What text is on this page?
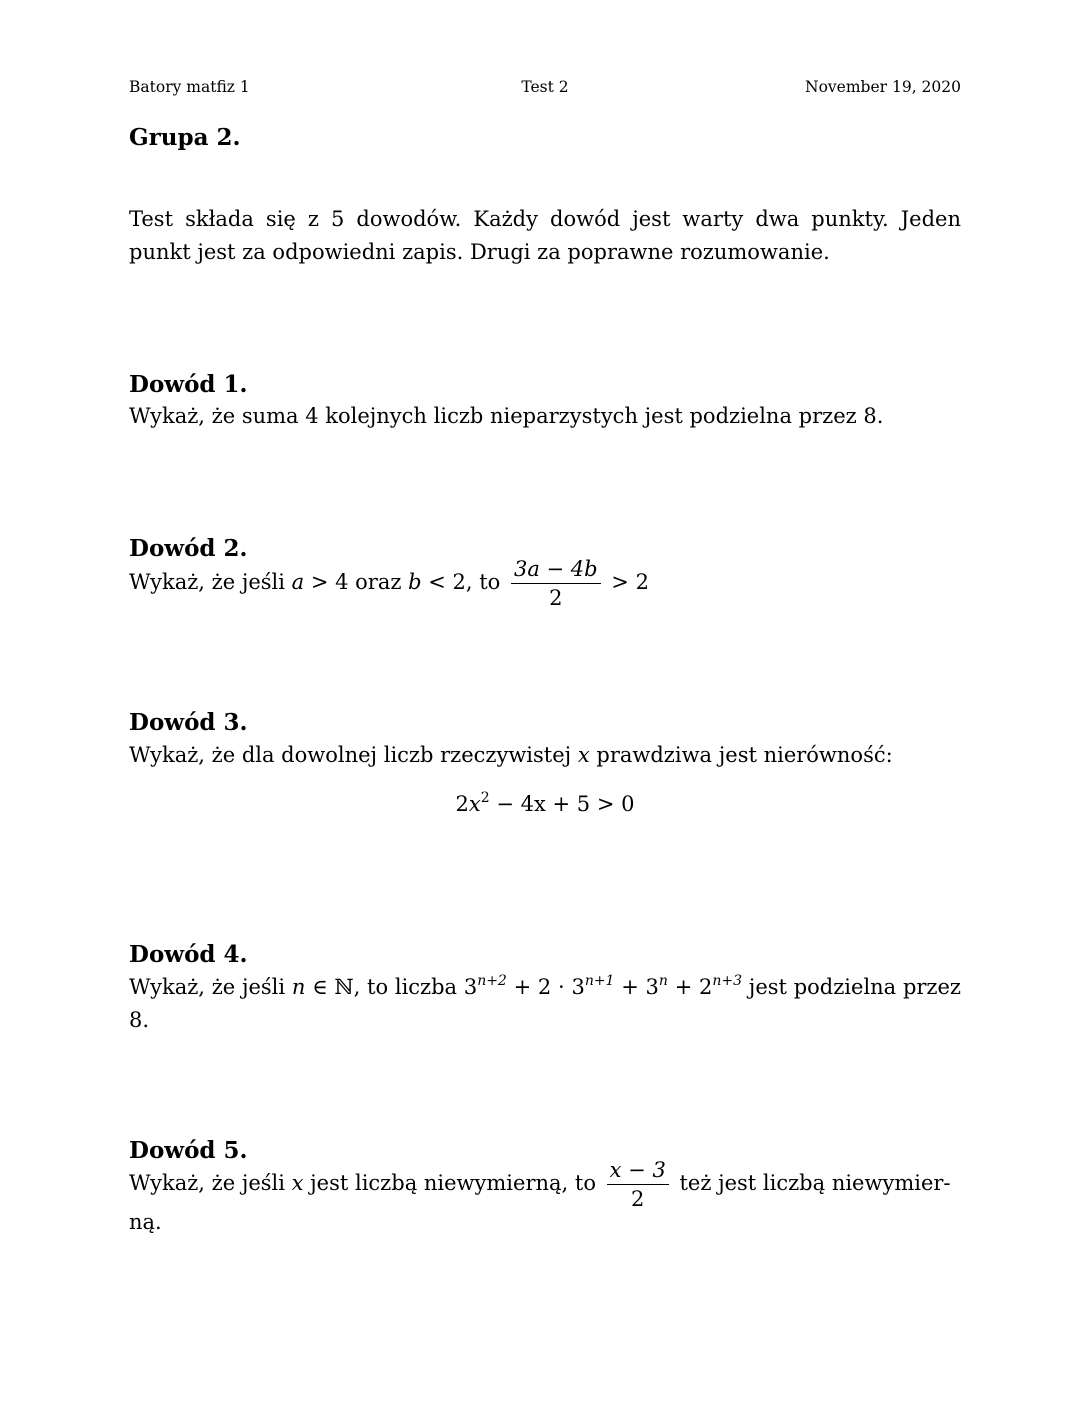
Batory matfiz 1	Test 2	November 19, 2020
Grupa 2.
Test składa się z 5 dowodów. Każdy dowód jest warty dwa punkty. Jeden punkt jest za odpowiedni zapis. Drugi za poprawne rozumowanie.
Dowód 1.
Wykaż, że suma 4 kolejnych liczb nieparzystych jest podzielna przez 8.
Dowód 2.
Wykaż, że jeśli a > 4 oraz b < 2, to $\frac{3a - 4b}{2} > 2$
Dowód 3.
Wykaż, że dla dowolnej liczb rzeczywistej x prawdziwa jest nierówność:
$2x^2 - 4x + 5 > 0$
Dowód 4.
Wykaż, że jeśli n ∈ ℕ, to liczba $3^{n+2} + 2 \cdot 3^{n+1} + 3^n + 2^{n+3}$ jest podzielna przez 8.
Dowód 5.
Wykaż, że jeśli x jest liczbą niewymierną, to $\frac{x - 3}{2}$ też jest liczbą niewymier-
ną.
